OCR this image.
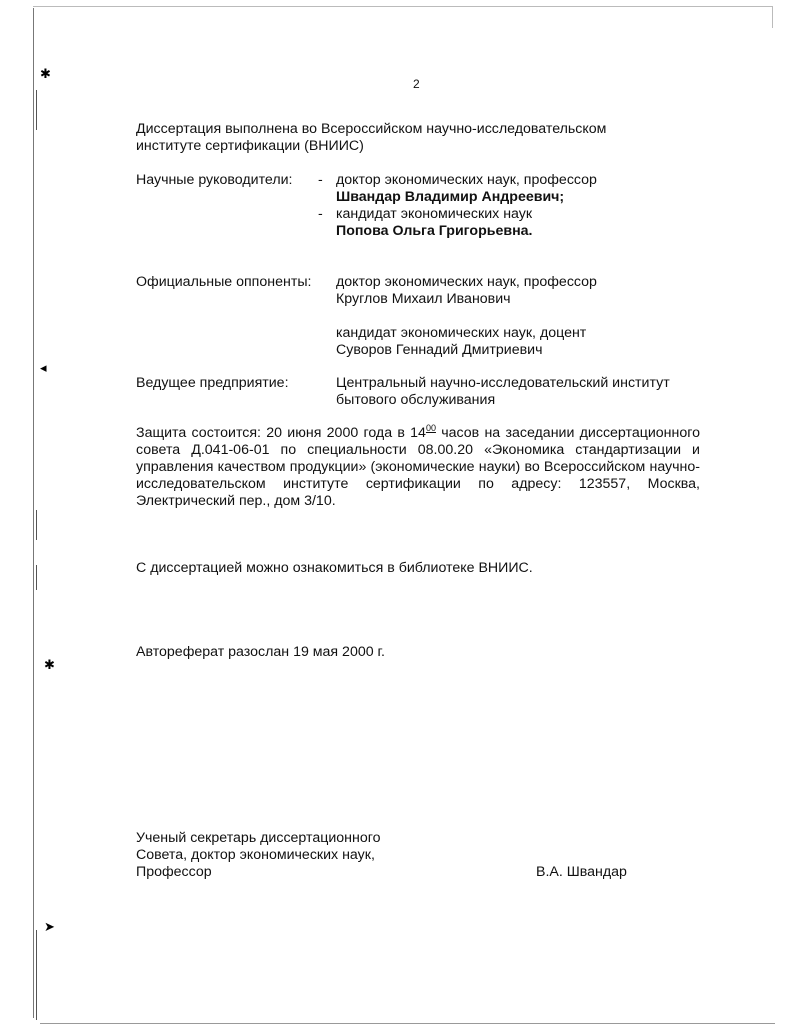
✱
◂
✱
➤
2
Диссертация выполнена во Всероссийском научно-исследовательском
институте сертификации (ВНИИС)
Научные руководители: - доктор экономических наук, профессор
Швандар Владимир Андреевич;
- кандидат экономических наук
Попова Ольга Григорьевна.
Официальные оппоненты: доктор экономических наук, профессор
Круглов Михаил Иванович
кандидат экономических наук, доцент
Суворов Геннадий Дмитриевич
Ведущее предприятие:	Центральный научно-исследовательский институт
бытового обслуживания
Защита состоится: 20 июня 2000 года в $14^{00}$ часов на заседании диссертационного совета Д.041-06-01 по специальности 08.00.20 «Экономика стандартизации и управления качеством продукции» (экономические науки) во Всероссийском научно-исследовательском институте сертификации по адресу: 123557, Москва, Электрический пер., дом 3/10.
С диссертацией можно ознакомиться в библиотеке ВНИИС.
Автореферат разослан 19 мая 2000 г.
Ученый секретарь диссертационного
Совета, доктор экономических наук,
Профессор	В.А. Швандар
